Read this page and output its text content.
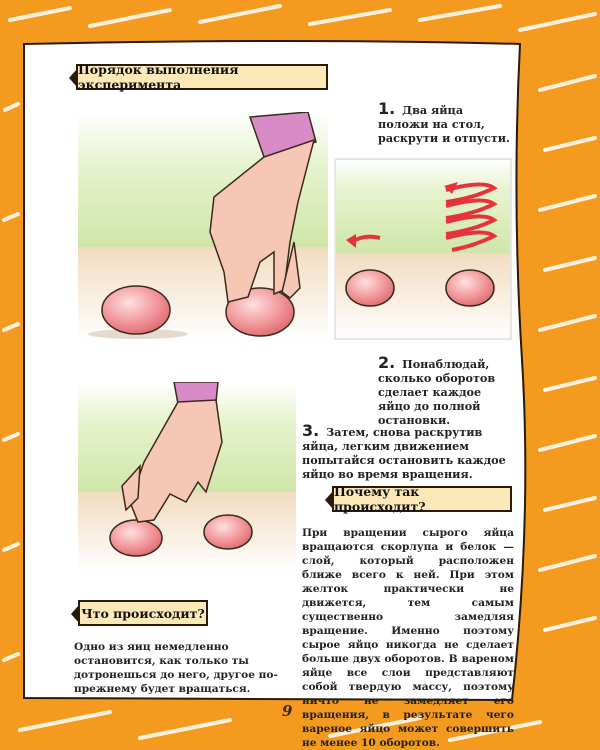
Порядок выполнения эксперимента
1. Два яйца положи на стол, раскрути и отпусти.
2. Понаблюдай, сколько оборотов сделает каждое яйцо до полной остановки.
3. Затем, снова раскрутив яйца, легким движением попытайся остановить каждое яйцо во время вращения.
Почему так происходит?
При вращении сырого яйца вращаются скорлупа и белок — слой, который расположен ближе всего к ней. При этом желток практически не движется, тем самым существенно замедляя вращение. Именно поэтому сырое яйцо никогда не сделает больше двух оборотов. В вареном яйце все слои представляют собой твердую массу, поэтому ничто не замедляет его вращения, в результате чего вареное яйцо может совершить не менее 10 оборотов.
Что происходит?
Одно из яиц немедленно остановится, как только ты дотронешься до него, другое по-прежнему будет вращаться.
9
